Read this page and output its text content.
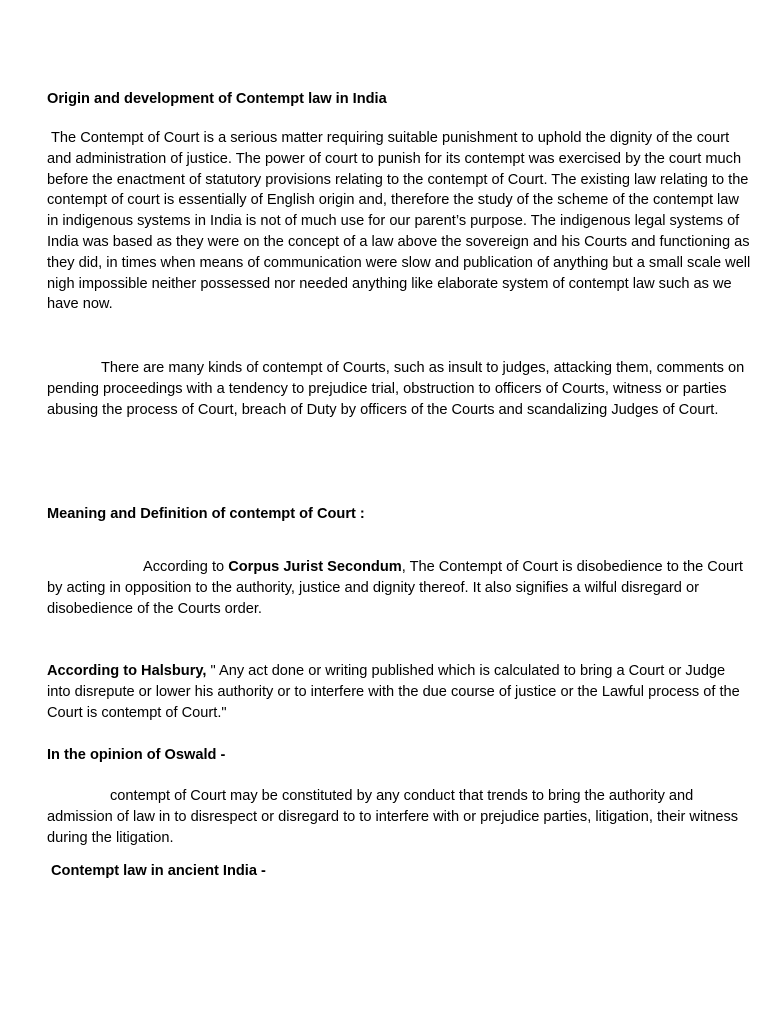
Origin and development of Contempt law in India

The Contempt of Court is a serious matter requiring suitable punishment to uphold the dignity of the court and administration of justice. The power of court to punish for its contempt was exercised by the court much before the enactment of statutory provisions relating to the contempt of Court. The existing law relating to the contempt of court is essentially of English origin and, therefore the study of the scheme of the contempt law in indigenous systems in India is not of much use for our parent’s purpose. The indigenous legal systems of India was based as they were on the concept of a law above the sovereign and his Courts and functioning as they did, in times when means of communication were slow and publication of anything but a small scale well nigh impossible neither possessed nor needed anything like elaborate system of contempt law such as we have now.

There are many kinds of contempt of Courts, such as insult to judges, attacking them, comments on pending proceedings with a tendency to prejudice trial, obstruction to officers of Courts, witness or parties abusing the process of Court, breach of Duty by officers of the Courts and scandalizing Judges of Court.

Meaning and Definition of contempt of Court :

According to Corpus Jurist Secondum, The Contempt of Court is disobedience to the Court by acting in opposition to the authority, justice and dignity thereof. It also signifies a wilful disregard or disobedience of the Courts order.

According to Halsbury, " Any act done or writing published which is calculated to bring a Court or Judge into disrepute or lower his authority or to interfere with the due course of justice or the Lawful process of the Court is contempt of Court."

In the opinion of Oswald -

contempt of Court may be constituted by any conduct that trends to bring the authority and admission of law in to disrespect or disregard to to interfere with or prejudice parties, litigation, their witness during the litigation.

Contempt law in ancient India -
